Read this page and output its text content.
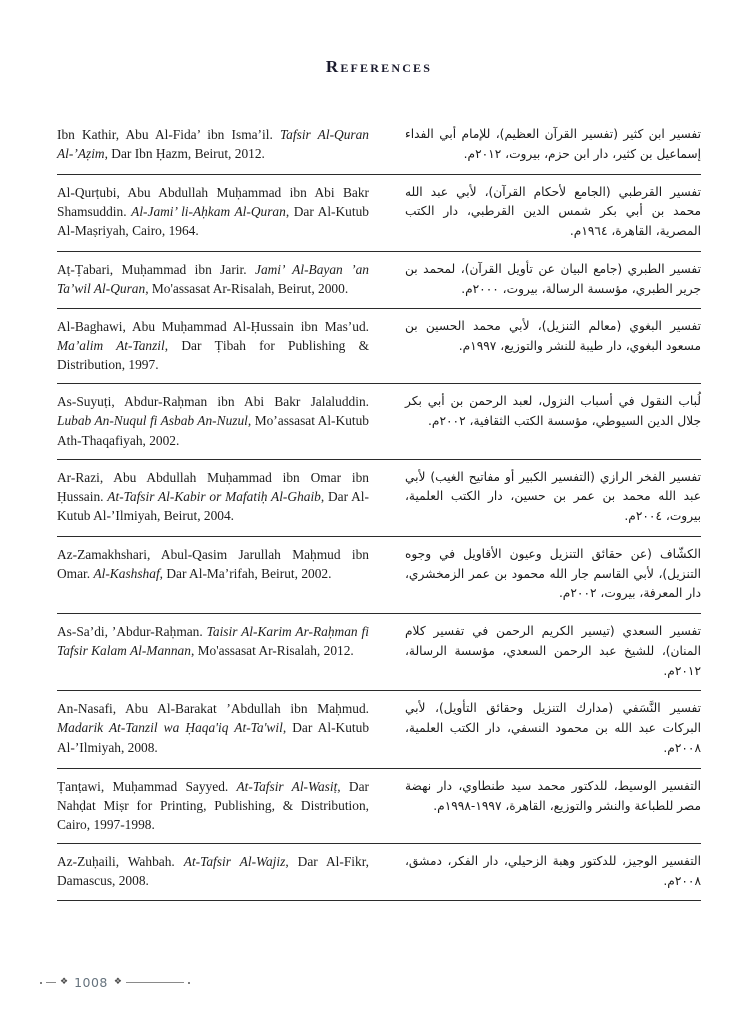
References
Ibn Kathir, Abu Al-Fida’ ibn Isma’il. Tafsir Al-Quran Al-’Aẓim, Dar Ibn Ḥazm, Beirut, 2012.
تفسير ابن كثير (تفسير القرآن العظيم)، للإمام أبي الفداء إسماعيل بن كثير، دار ابن حزم، بيروت، ٢٠١٢م.
Al-Qurṭubi, Abu Abdullah Muḥammad ibn Abi Bakr Shamsuddin. Al-Jami’ li-Aḥkam Al-Quran, Dar Al-Kutub Al-Maṣriyah, Cairo, 1964.
تفسير القرطبي (الجامع لأحكام القرآن)، لأبي عبد الله محمد بن أبي بكر شمس الدين القرطبي، دار الكتب المصرية، القاهرة، ١٩٦٤م.
Aṭ-Ṭabari, Muḥammad ibn Jarir. Jami’ Al-Bayan ’an Ta’wil Al-Quran, Mo'assasat Ar-Risalah, Beirut, 2000.
تفسير الطبري (جامع البيان عن تأويل القرآن)، لمحمد بن جرير الطبري، مؤسسة الرسالة، بيروت، ٢٠٠٠م.
Al-Baghawi, Abu Muḥammad Al-Ḥussain ibn Mas’ud. Ma’alim At-Tanzil, Dar Ṭibah for Publishing & Distribution, 1997.
تفسير البغوي (معالم التنزيل)، لأبي محمد الحسين بن مسعود البغوي، دار طيبة للنشر والتوزيع، ١٩٩٧م.
As-Suyuṭi, Abdur-Raḥman ibn Abi Bakr Jalaluddin. Lubab An-Nuqul fi Asbab An-Nuzul, Mo’assasat Al-Kutub Ath-Thaqafiyah, 2002.
لُباب النقول في أسباب النزول، لعبد الرحمن بن أبي بكر جلال الدين السيوطي، مؤسسة الكتب الثقافية، ٢٠٠٢م.
Ar-Razi, Abu Abdullah Muḥammad ibn Omar ibn Ḥussain. At-Tafsir Al-Kabir or Mafatiḥ Al-Ghaib, Dar Al-Kutub Al-’Ilmiyah, Beirut, 2004.
تفسير الفخر الرازي (التفسير الكبير أو مفاتيح الغيب) لأبي عبد الله محمد بن عمر بن حسين، دار الكتب العلمية، بيروت، ٢٠٠٤م.
Az-Zamakhshari, Abul-Qasim Jarullah Maḥmud ibn Omar. Al-Kashshaf, Dar Al-Ma’rifah, Beirut, 2002.
الكشّاف (عن حقائق التنزيل وعيون الأقاويل في وجوه التنزيل)، لأبي القاسم جار الله محمود بن عمر الزمخشري، دار المعرفة، بيروت، ٢٠٠٢م.
As-Sa’di, ’Abdur-Raḥman. Taisir Al-Karim Ar-Raḥman fi Tafsir Kalam Al-Mannan, Mo'assasat Ar-Risalah, 2012.
تفسير السعدي (تيسير الكريم الرحمن في تفسير كلام المنان)، للشيخ عبد الرحمن السعدي، مؤسسة الرسالة، ٢٠١٢م.
An-Nasafi, Abu Al-Barakat ’Abdullah ibn Maḥmud. Madarik At-Tanzil wa Ḥaqa'iq At-Ta'wil, Dar Al-Kutub Al-’Ilmiyah, 2008.
تفسير النَّسَفي (مدارك التنزيل وحقائق التأويل)، لأبي البركات عبد الله بن محمود النسفي، دار الكتب العلمية، ٢٠٠٨م.
Ṭanṭawi, Muḥammad Sayyed. At-Tafsir Al-Wasiṭ, Dar Nahḍat Miṣr for Printing, Publishing, & Distribution, Cairo, 1997-1998.
التفسير الوسيط، للدكتور محمد سيد طنطاوي، دار نهضة مصر للطباعة والنشر والتوزيع، القاهرة، ١٩٩٧-١٩٩٨م.
Az-Zuḥaili, Wahbah. At-Tafsir Al-Wajiz, Dar Al-Fikr, Damascus, 2008.
التفسير الوجيز، للدكتور وهبة الزحيلي، دار الفكر، دمشق، ٢٠٠٨م.
❖ 1008 ❖
